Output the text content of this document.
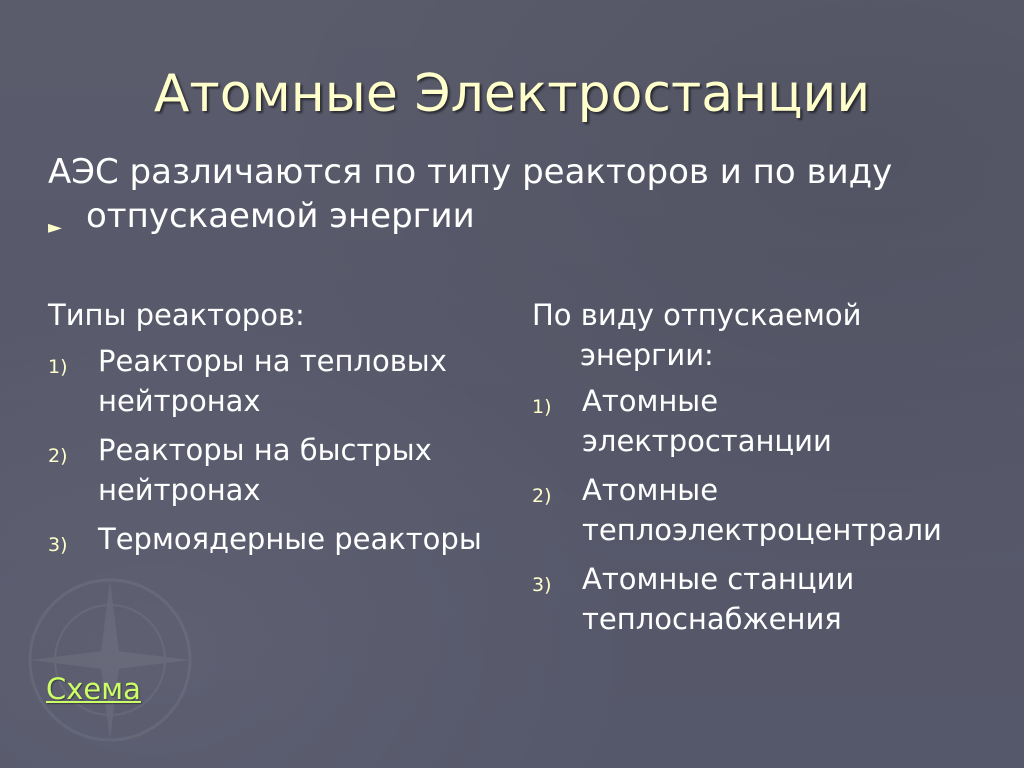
Атомные Электростанции
►
АЭС различаются по типу реакторов и по виду
отпускаемой энергии

Типы реакторов:

1) Реакторы на тепловых
нейтронах
2) Реакторы на быстрых
нейтронах
3) Термоядерные реакторы

По виду отпускаемой
энергии:

1) Атомные
электростанции
2) Атомные
теплоэлектроцентрали
3) Атомные станции
теплоснабжения
Схема
